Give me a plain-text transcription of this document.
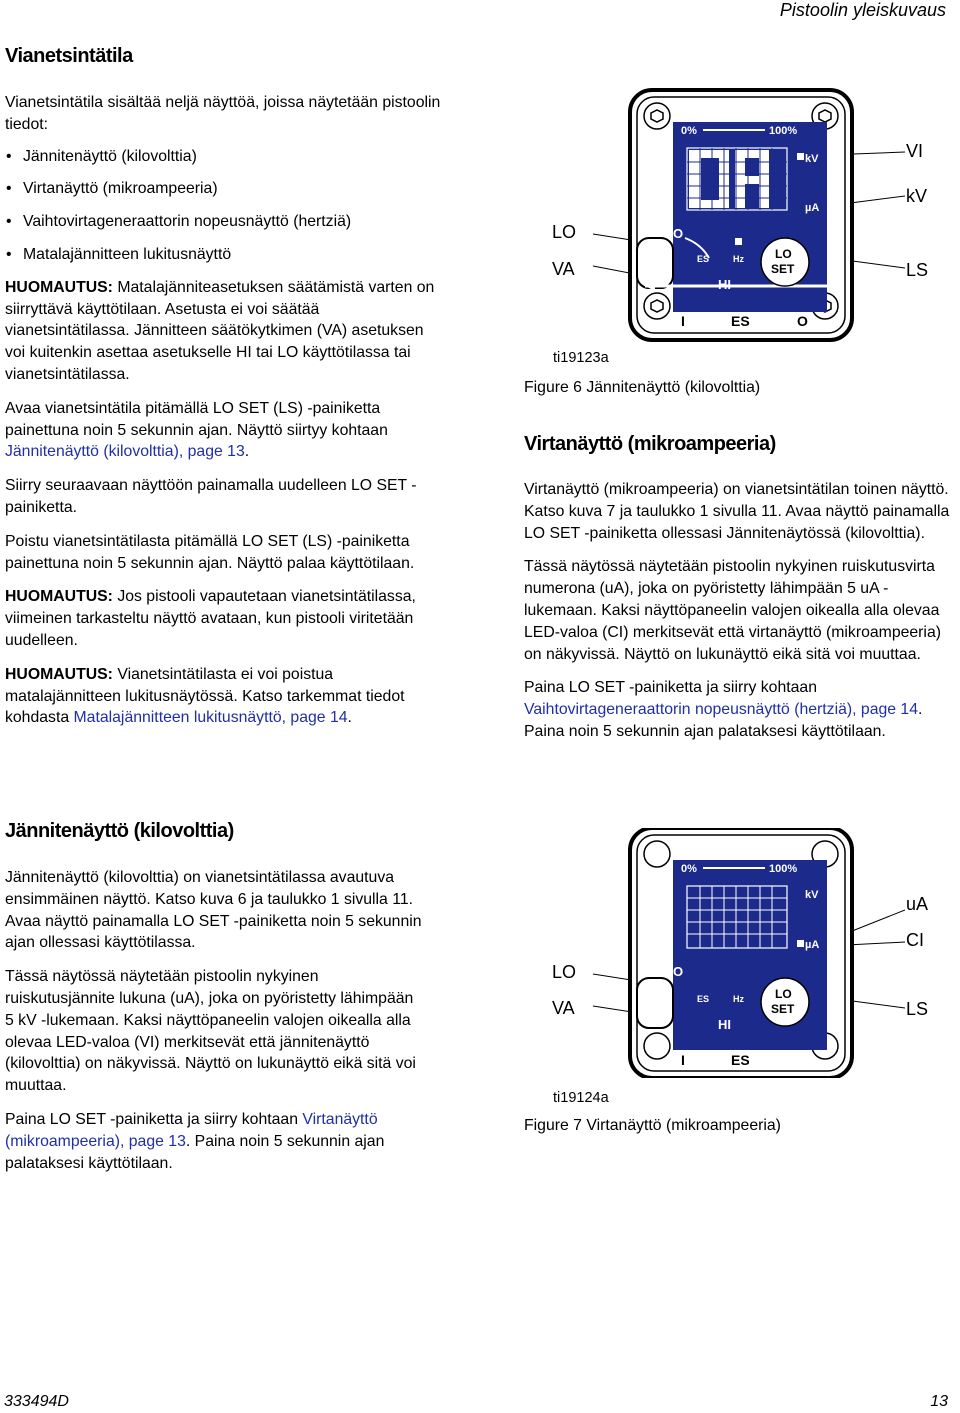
Pistoolin yleiskuvaus
Vianetsintätila

Vianetsintätila sisältää neljä näyttöä, joissa näytetään pistoolin tiedot:

• Jännitenäyttö (kilovolttia)
• Virtanäyttö (mikroampeeria)
• Vaihtovirtageneraattorin nopeusnäyttö (hertziä)
• Matalajännitteen lukitusnäyttö

HUOMAUTUS: Matalajänniteasetuksen säätämistä varten on siirryttävä käyttötilaan. Asetusta ei voi säätää vianetsintätilassa. Jännitteen säätökytkimen (VA) asetuksen voi kuitenkin asettaa asetukselle HI tai LO käyttötilassa tai vianetsintätilassa.

Avaa vianetsintätila pitämällä LO SET (LS) -painiketta painettuna noin 5 sekunnin ajan. Näyttö siirtyy kohtaan Jännitenäyttö (kilovolttia), page 13.

Siirry seuraavaan näyttöön painamalla uudelleen LO SET -painiketta.

Poistu vianetsintätilasta pitämällä LO SET (LS) -painiketta painettuna noin 5 sekunnin ajan. Näyttö palaa käyttötilaan.

HUOMAUTUS: Jos pistooli vapautetaan vianetsintätilassa, viimeinen tarkasteltu näyttö avataan, kun pistooli viritetään uudelleen.

HUOMAUTUS: Vianetsintätilasta ei voi poistua matalajännitteen lukitusnäytössä. Katso tarkemmat tiedot kohdasta Matalajännitteen lukitusnäyttö, page 14.

Jännitenäyttö (kilovolttia)

Jännitenäyttö (kilovolttia) on vianetsintätilassa avautuva ensimmäinen näyttö. Katso kuva 6 ja taulukko 1 sivulla 11. Avaa näyttö painamalla LO SET -painiketta noin 5 sekunnin ajan ollessasi käyttötilassa.

Tässä näytössä näytetään pistoolin nykyinen ruiskutusjännite lukuna (uA), joka on pyöristetty lähimpään 5 kV -lukemaan. Kaksi näyttöpaneelin valojen oikealla alla olevaa LED-valoa (VI) merkitsevät että jännitenäyttö (kilovolttia) on näkyvissä. Näyttö on lukunäyttö eikä sitä voi muuttaa.

Paina LO SET -painiketta ja siirry kohtaan Virtanäyttö (mikroampeeria), page 13. Paina noin 5 sekunnin ajan palataksesi käyttötilaan.

LO
VA
VI
kV
LS
ti19123a
Figure 6 Jännitenäyttö (kilovolttia)
0%	100%
kV
µA
LO
ES	Hz
HI
LO
SET
I	ES	O
Virtanäyttö (mikroampeeria)

Virtanäyttö (mikroampeeria) on vianetsintätilan toinen näyttö. Katso kuva 7 ja taulukko 1 sivulla 11. Avaa näyttö painamalla LO SET -painiketta ollessasi Jännitenäytössä (kilovolttia).

Tässä näytössä näytetään pistoolin nykyinen ruiskutusvirta numerona (uA), joka on pyöristetty lähimpään 5 uA -lukemaan. Kaksi näyttöpaneelin valojen oikealla alla olevaa LED-valoa (CI) merkitsevät että virtanäyttö (mikroampeeria) on näkyvissä. Näyttö on lukunäyttö eikä sitä voi muuttaa.

Paina LO SET -painiketta ja siirry kohtaan Vaihtovirtageneraattorin nopeusnäyttö (hertziä), page 14. Paina noin 5 sekunnin ajan palataksesi käyttötilaan.

LO
VA
uA
CI
LS
ti19124a
Figure 7 Virtanäyttö (mikroampeeria)
0%	100%
kV
µA
LO
ES	Hz
HI
LO
SET
I	ES
333494D	13
